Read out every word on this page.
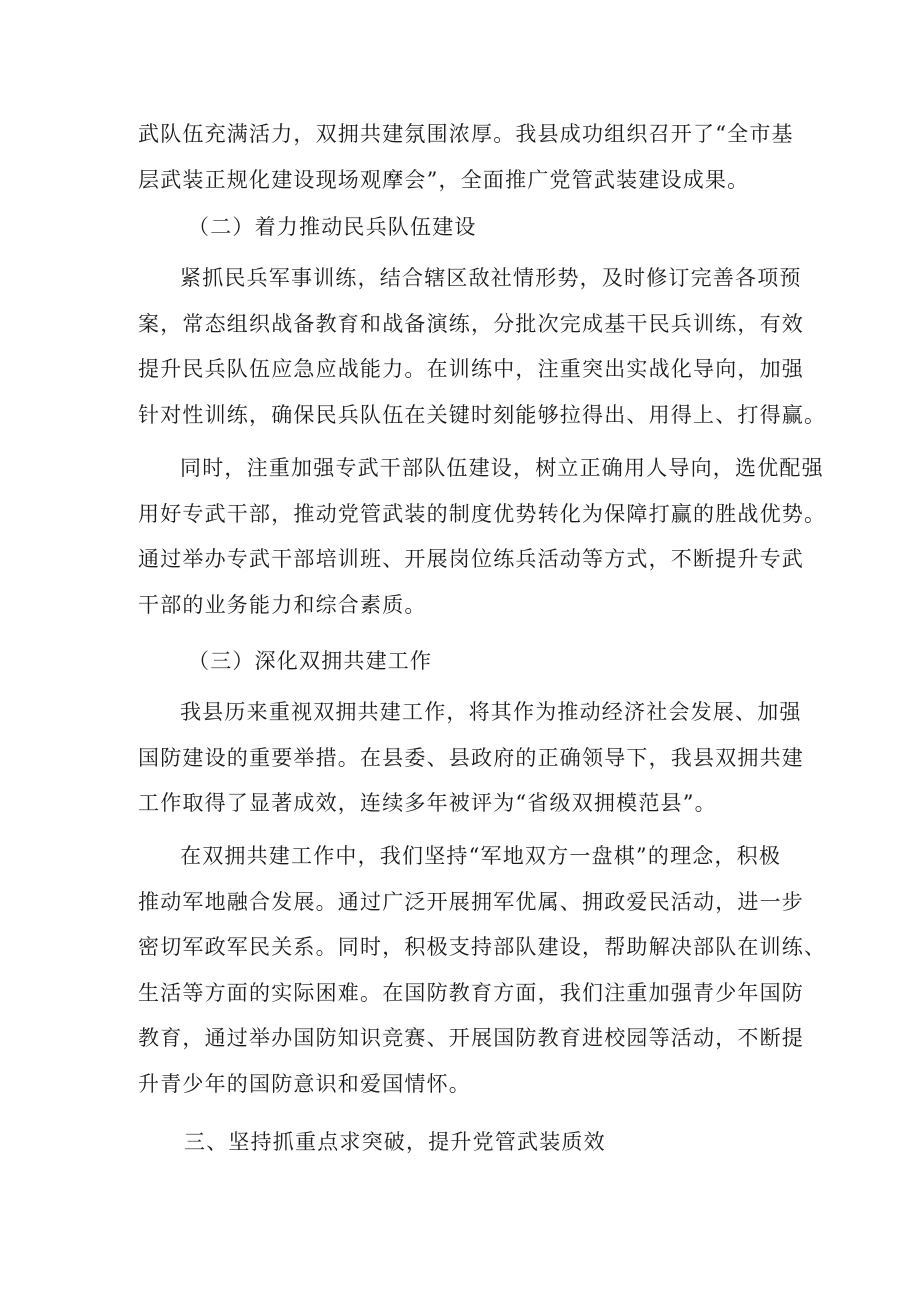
武队伍充满活力，双拥共建氛围浓厚。我县成功组织召开了“全市基
层武装正规化建设现场观摩会”，全面推广党管武装建设成果。
（二）着力推动民兵队伍建设
紧抓民兵军事训练，结合辖区敌社情形势，及时修订完善各项预
案，常态组织战备教育和战备演练，分批次完成基干民兵训练，有效
提升民兵队伍应急应战能力。在训练中，注重突出实战化导向，加强
针对性训练，确保民兵队伍在关键时刻能够拉得出、用得上、打得赢。
同时，注重加强专武干部队伍建设，树立正确用人导向，选优配强
用好专武干部，推动党管武装的制度优势转化为保障打赢的胜战优势。
通过举办专武干部培训班、开展岗位练兵活动等方式，不断提升专武
干部的业务能力和综合素质。
（三）深化双拥共建工作
我县历来重视双拥共建工作，将其作为推动经济社会发展、加强
国防建设的重要举措。在县委、县政府的正确领导下，我县双拥共建
工作取得了显著成效，连续多年被评为“省级双拥模范县”。
在双拥共建工作中，我们坚持“军地双方一盘棋”的理念，积极
推动军地融合发展。通过广泛开展拥军优属、拥政爱民活动，进一步
密切军政军民关系。同时，积极支持部队建设，帮助解决部队在训练、
生活等方面的实际困难。在国防教育方面，我们注重加强青少年国防
教育，通过举办国防知识竞赛、开展国防教育进校园等活动，不断提
升青少年的国防意识和爱国情怀。
三、坚持抓重点求突破，提升党管武装质效
